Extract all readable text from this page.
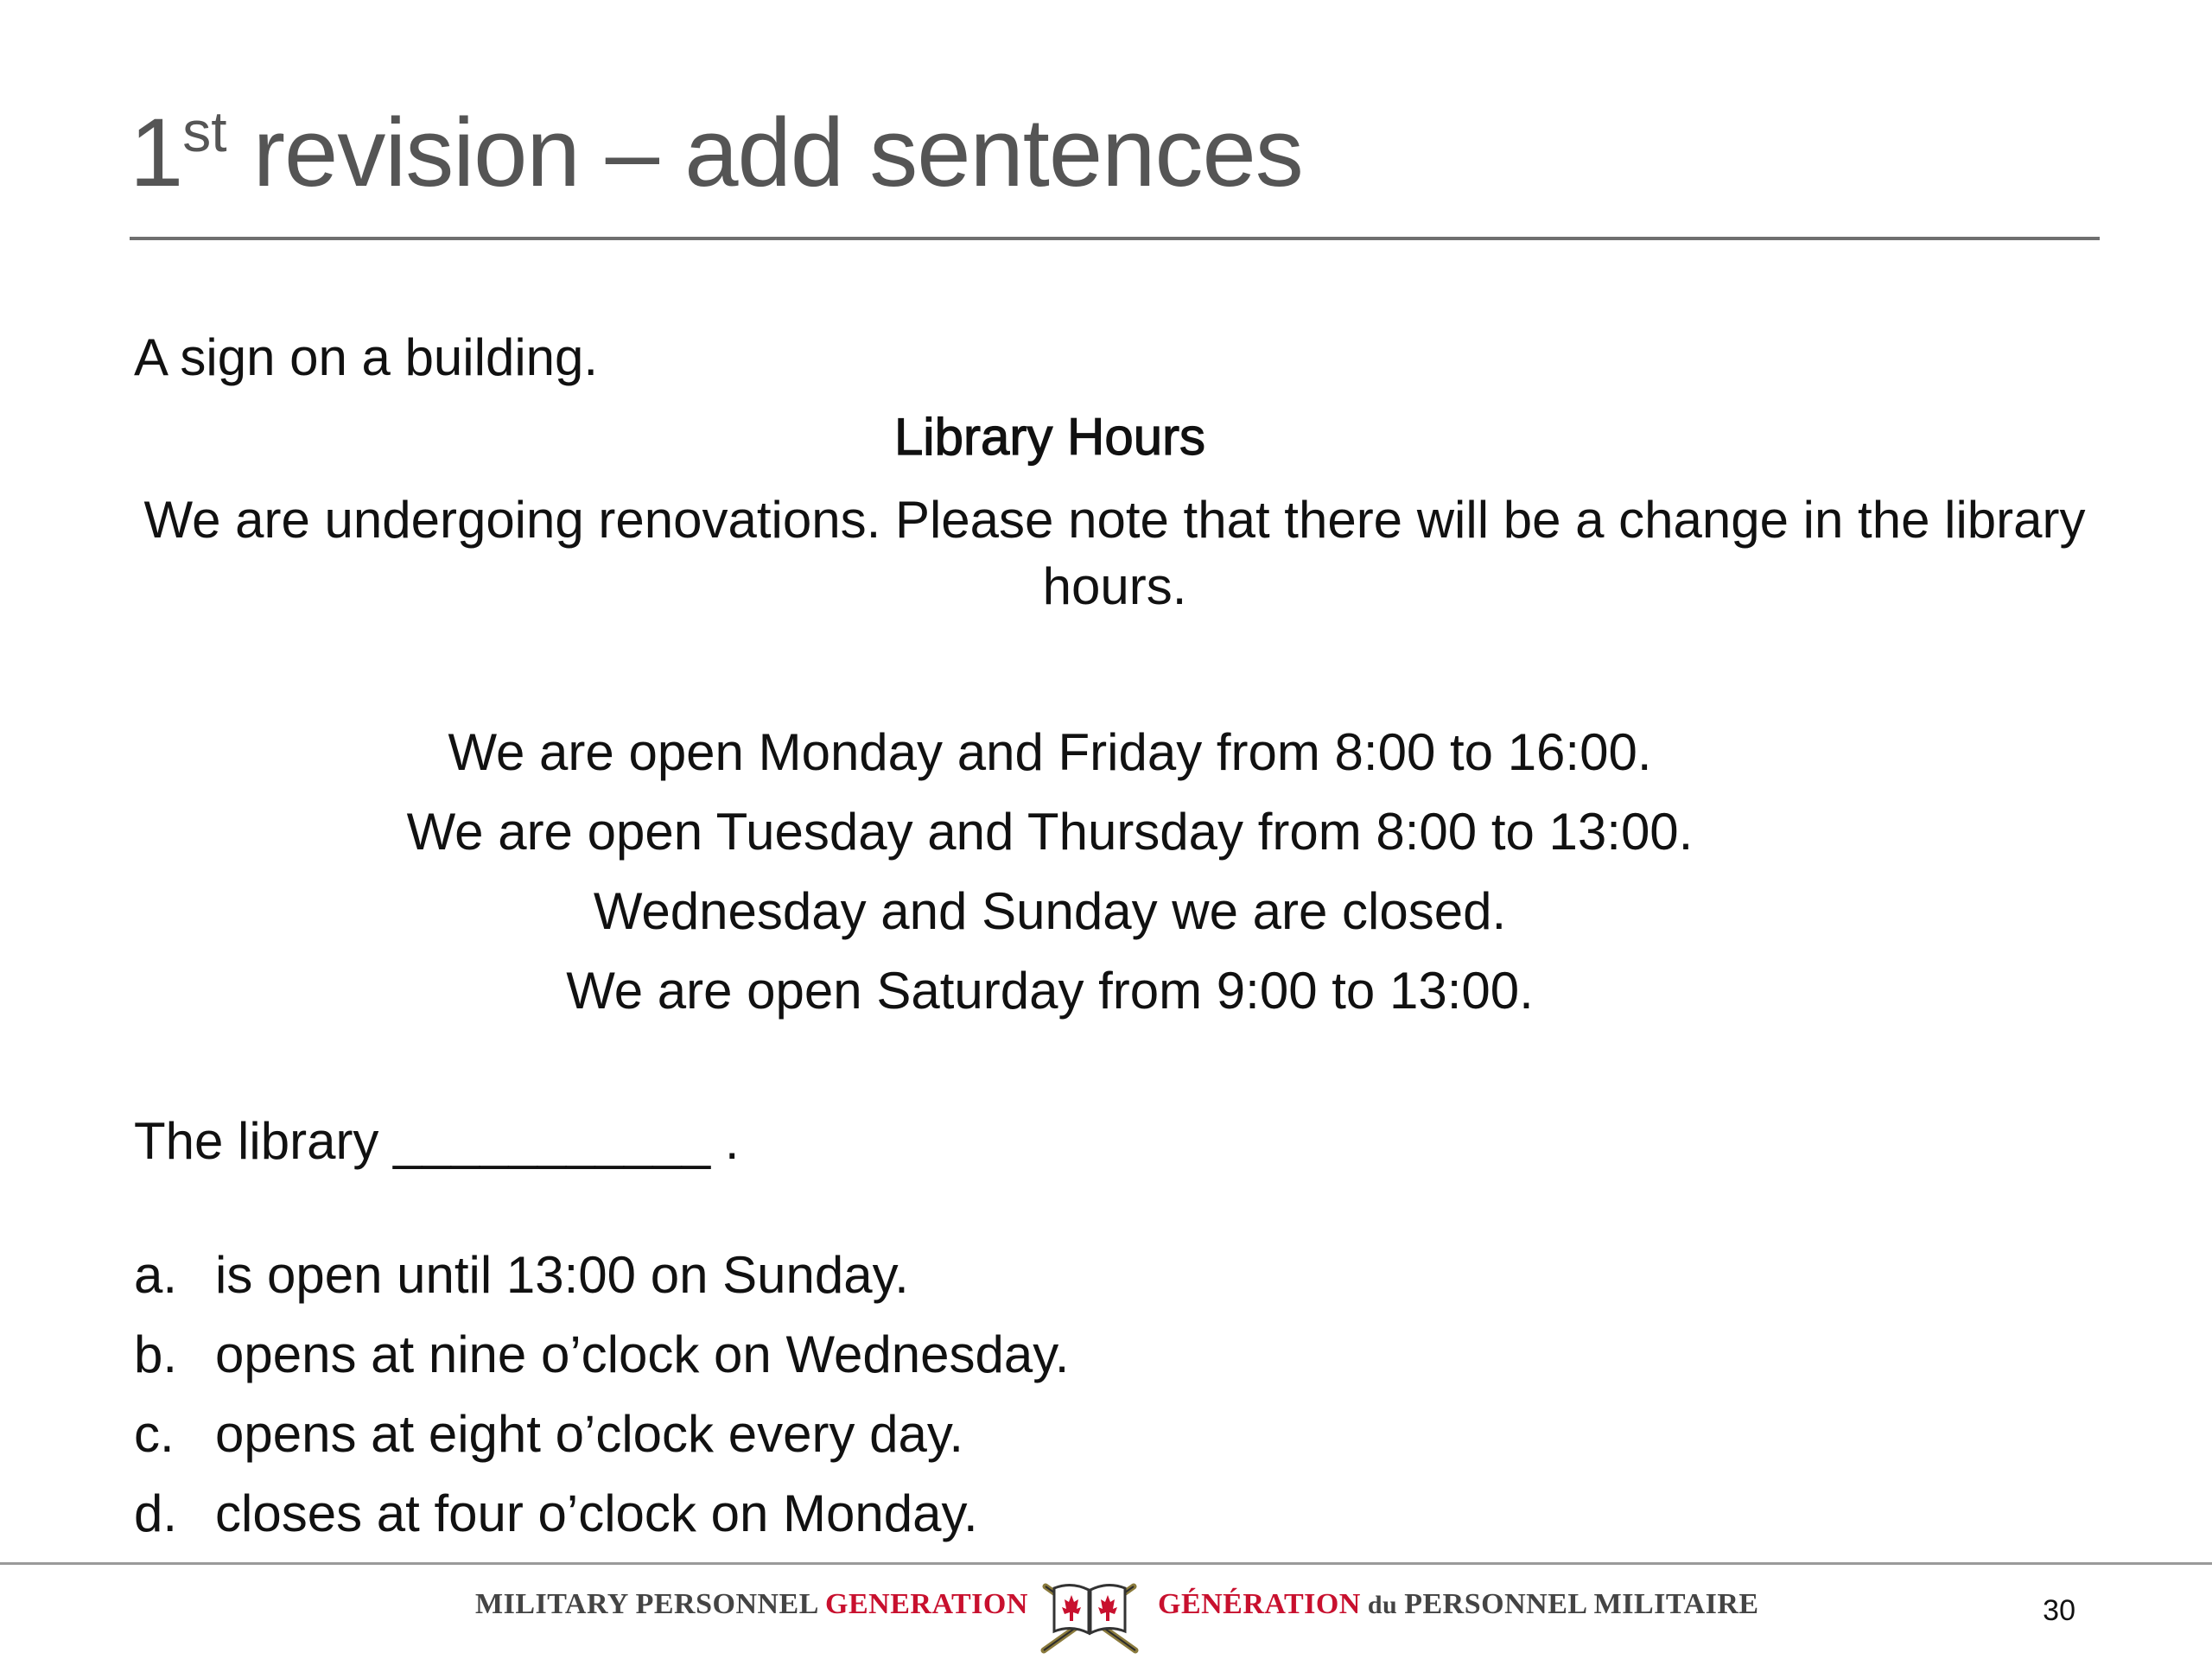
1st revision – add sentences

A sign on a building.

Library Hours

We are undergoing renovations. Please note that there will be a change in the library hours.

We are open Monday and Friday from 8:00 to 16:00.
We are open Tuesday and Thursday from 8:00 to 13:00.
Wednesday and Sunday we are closed.
We are open Saturday from 9:00 to 13:00.

The library ___________ .

a. is open until 13:00 on Sunday.
b. opens at nine o’clock on Wednesday.
c. opens at eight o’clock every day.
d. closes at four o’clock on Monday.
MILITARY PERSONNEL GENERATION	GÉNÉRATION du PERSONNEL MILITAIRE	30
